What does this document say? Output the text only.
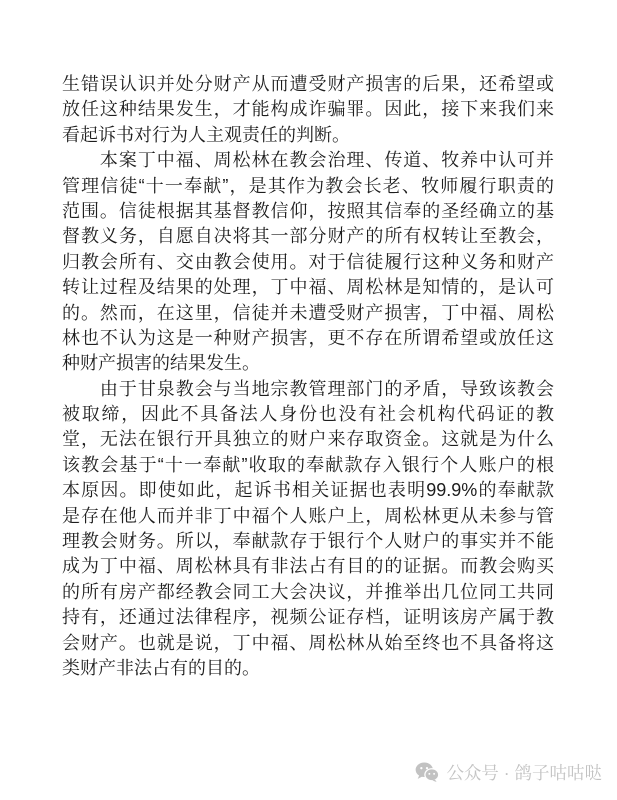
生错误认识并处分财产从而遭受财产损害的后果，还希望或
放任这种结果发生，才能构成诈骗罪。因此，接下来我们来
看起诉书对行为人主观责任的判断。
　　本案丁中福、周松林在教会治理、传道、牧养中认可并
管理信徒“十一奉献”，是其作为教会长老、牧师履行职责的
范围。信徒根据其基督教信仰，按照其信奉的圣经确立的基
督教义务，自愿自决将其一部分财产的所有权转让至教会，
归教会所有、交由教会使用。对于信徒履行这种义务和财产
转让过程及结果的处理，丁中福、周松林是知情的，是认可
的。然而，在这里，信徒并未遭受财产损害，丁中福、周松
林也不认为这是一种财产损害，更不存在所谓希望或放任这
种财产损害的结果发生。
　　由于甘泉教会与当地宗教管理部门的矛盾，导致该教会
被取缔，因此不具备法人身份也没有社会机构代码证的教
堂，无法在银行开具独立的财户来存取资金。这就是为什么
该教会基于“十一奉献”收取的奉献款存入银行个人账户的根
本原因。即使如此，起诉书相关证据也表明99.9%的奉献款
是存在他人而并非丁中福个人账户上，周松林更从未参与管
理教会财务。所以，奉献款存于银行个人财户的事实并不能
成为丁中福、周松林具有非法占有目的的证据。而教会购买
的所有房产都经教会同工大会决议，并推举出几位同工共同
持有，还通过法律程序，视频公证存档，证明该房产属于教
会财产。也就是说，丁中福、周松林从始至终也不具备将这
类财产非法占有的目的。
公众号 · 鸽子咕咕哒
